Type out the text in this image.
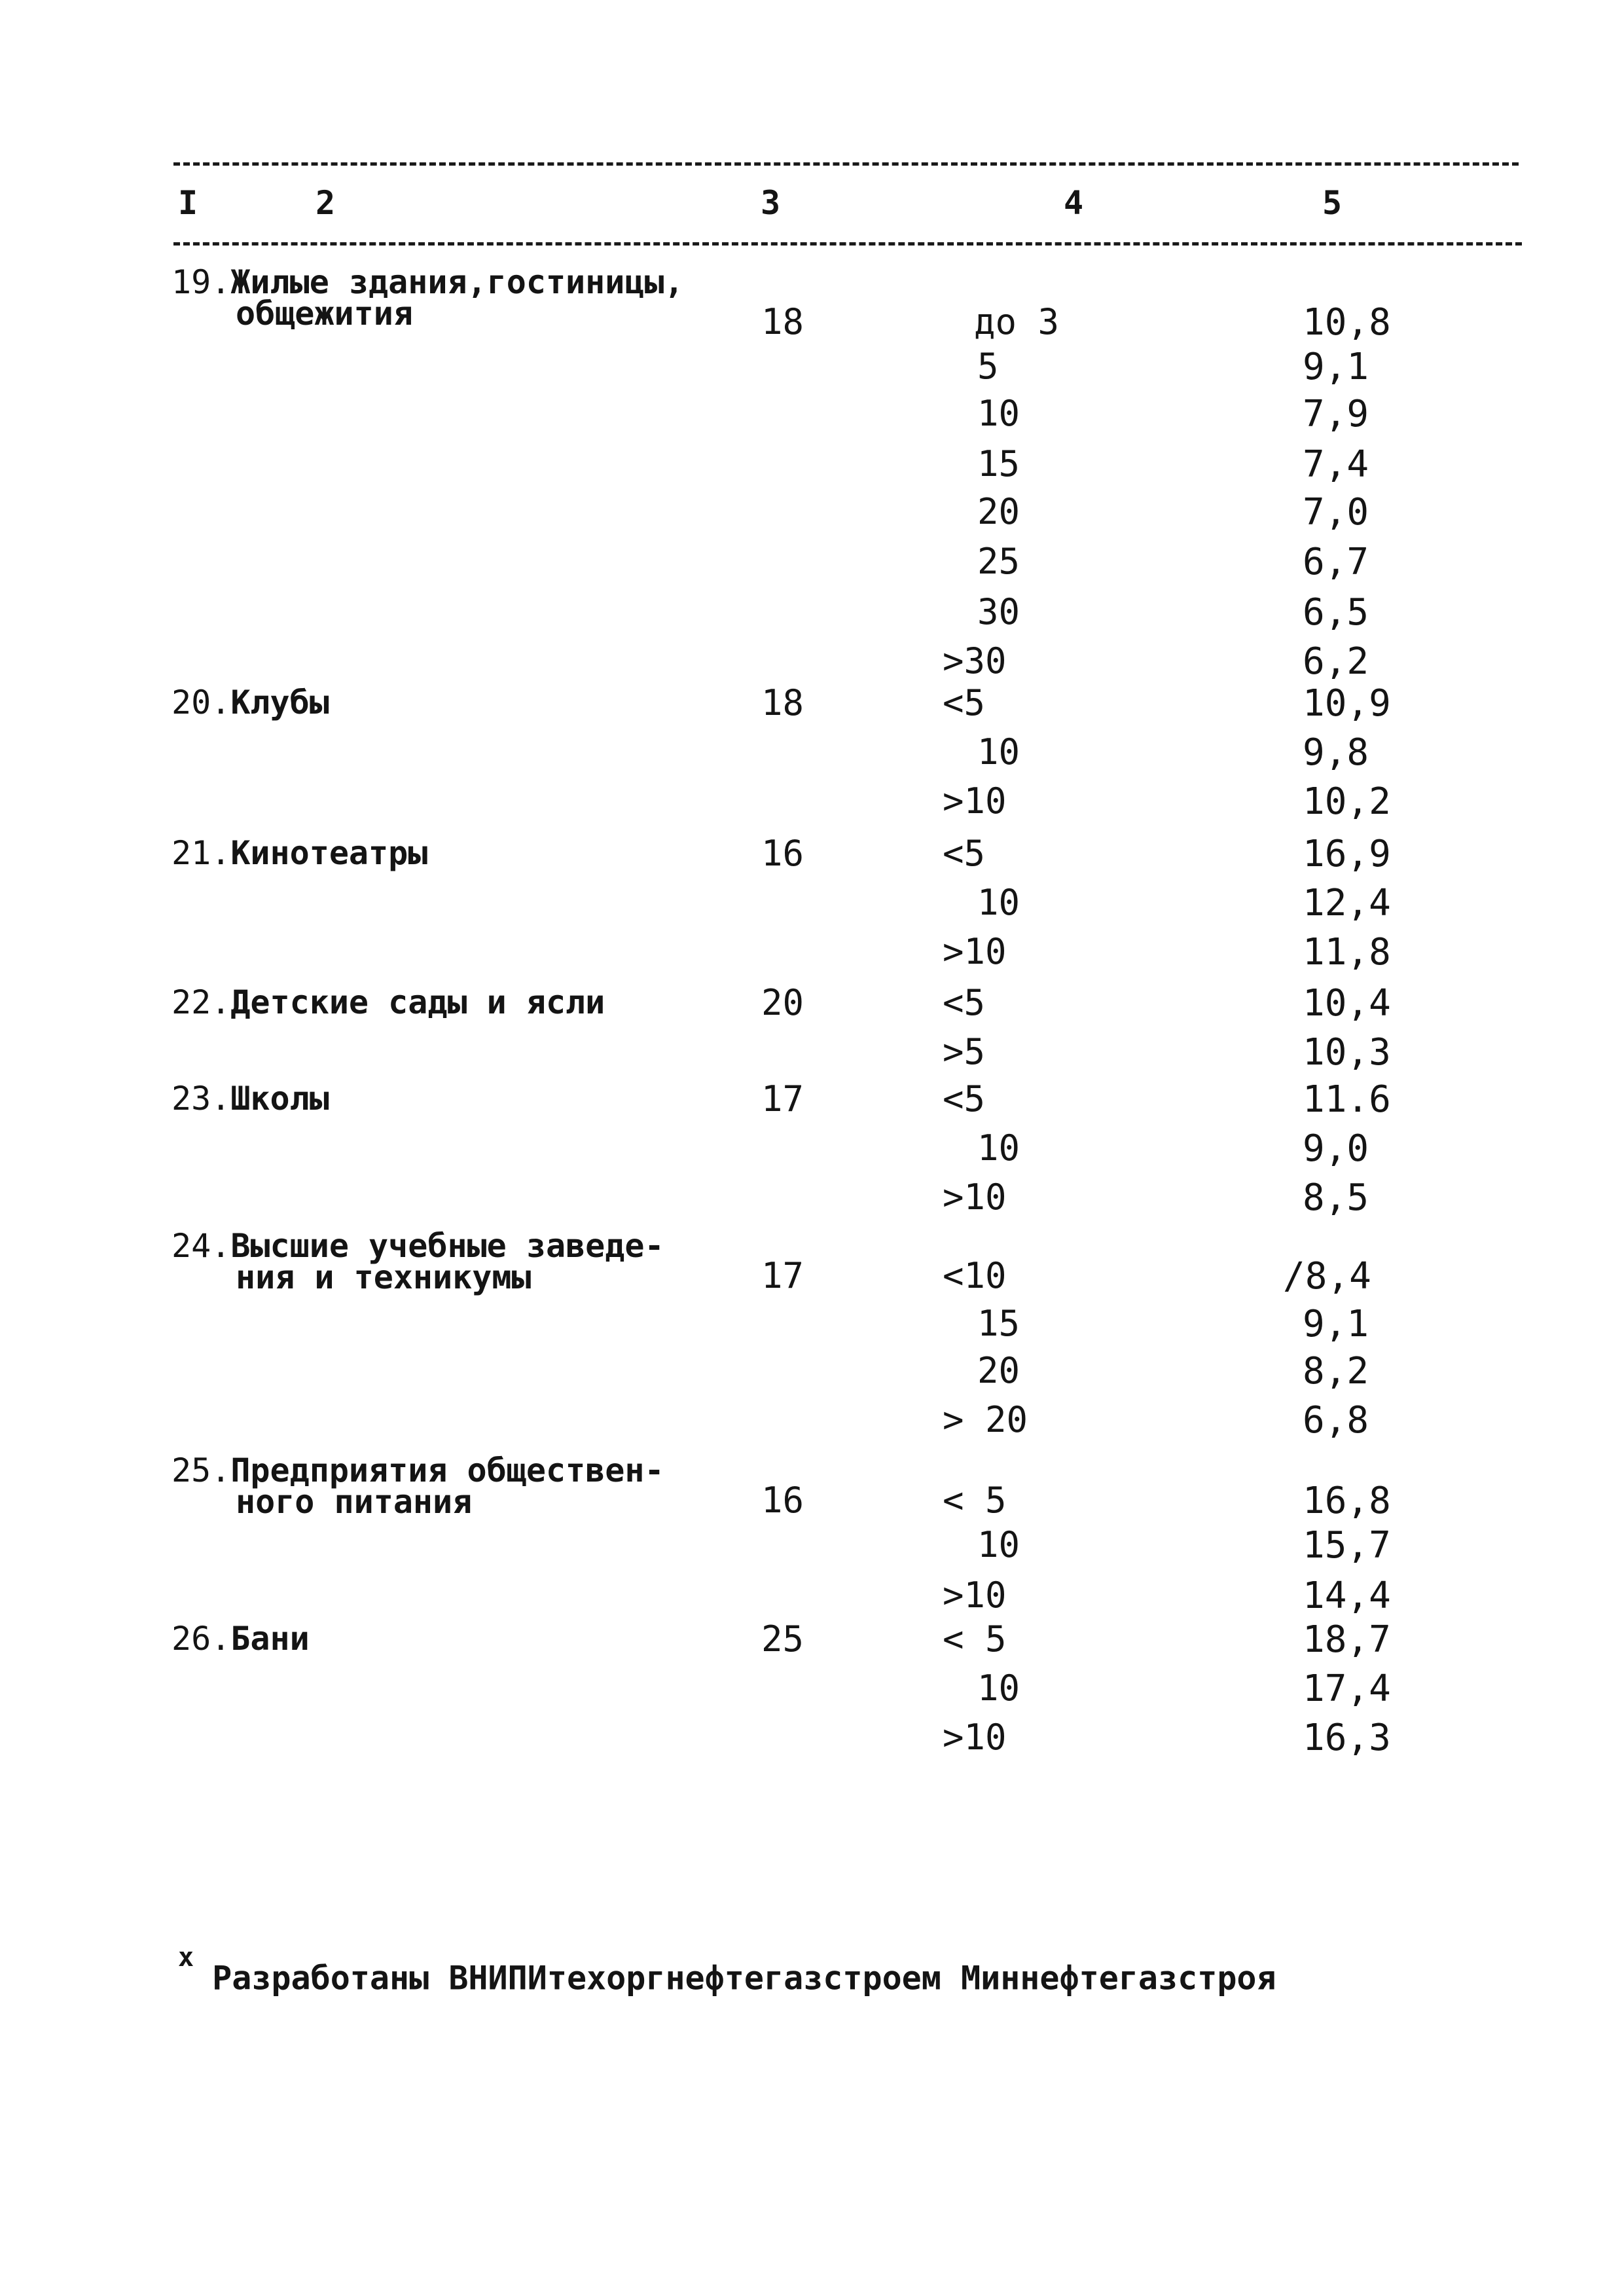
I	2	3	4	5
19.Жилые здания,гостиницы,
общежития	18	до 3	10,8
5	9,1
10	7,9
15	7,4
20	7,0
25	6,7
30	6,5
>30	6,2
20.Клубы	18	<5	10,9
10	9,8
>10	10,2
21.Кинотеатры	16	<5	16,9
10	12,4
>10	11,8
22.Детские сады и ясли	20	<5	10,4
>5	10,3
23.Школы	17	<5	11.6
10	9,0
>10	8,5
24.Высшие учебные заведе-
ния и техникумы	17	<10	/8,4
15	9,1
20	8,2
> 20	6,8
25.Предприятия обществен-
ного питания	16	< 5	16,8
10	15,7
>10	14,4
26.Бани	25	< 5	18,7
10	17,4
>10	16,3
$^x$Разработаны ВНИПИтехоргнефтегазстроем Миннефтегазстроя
